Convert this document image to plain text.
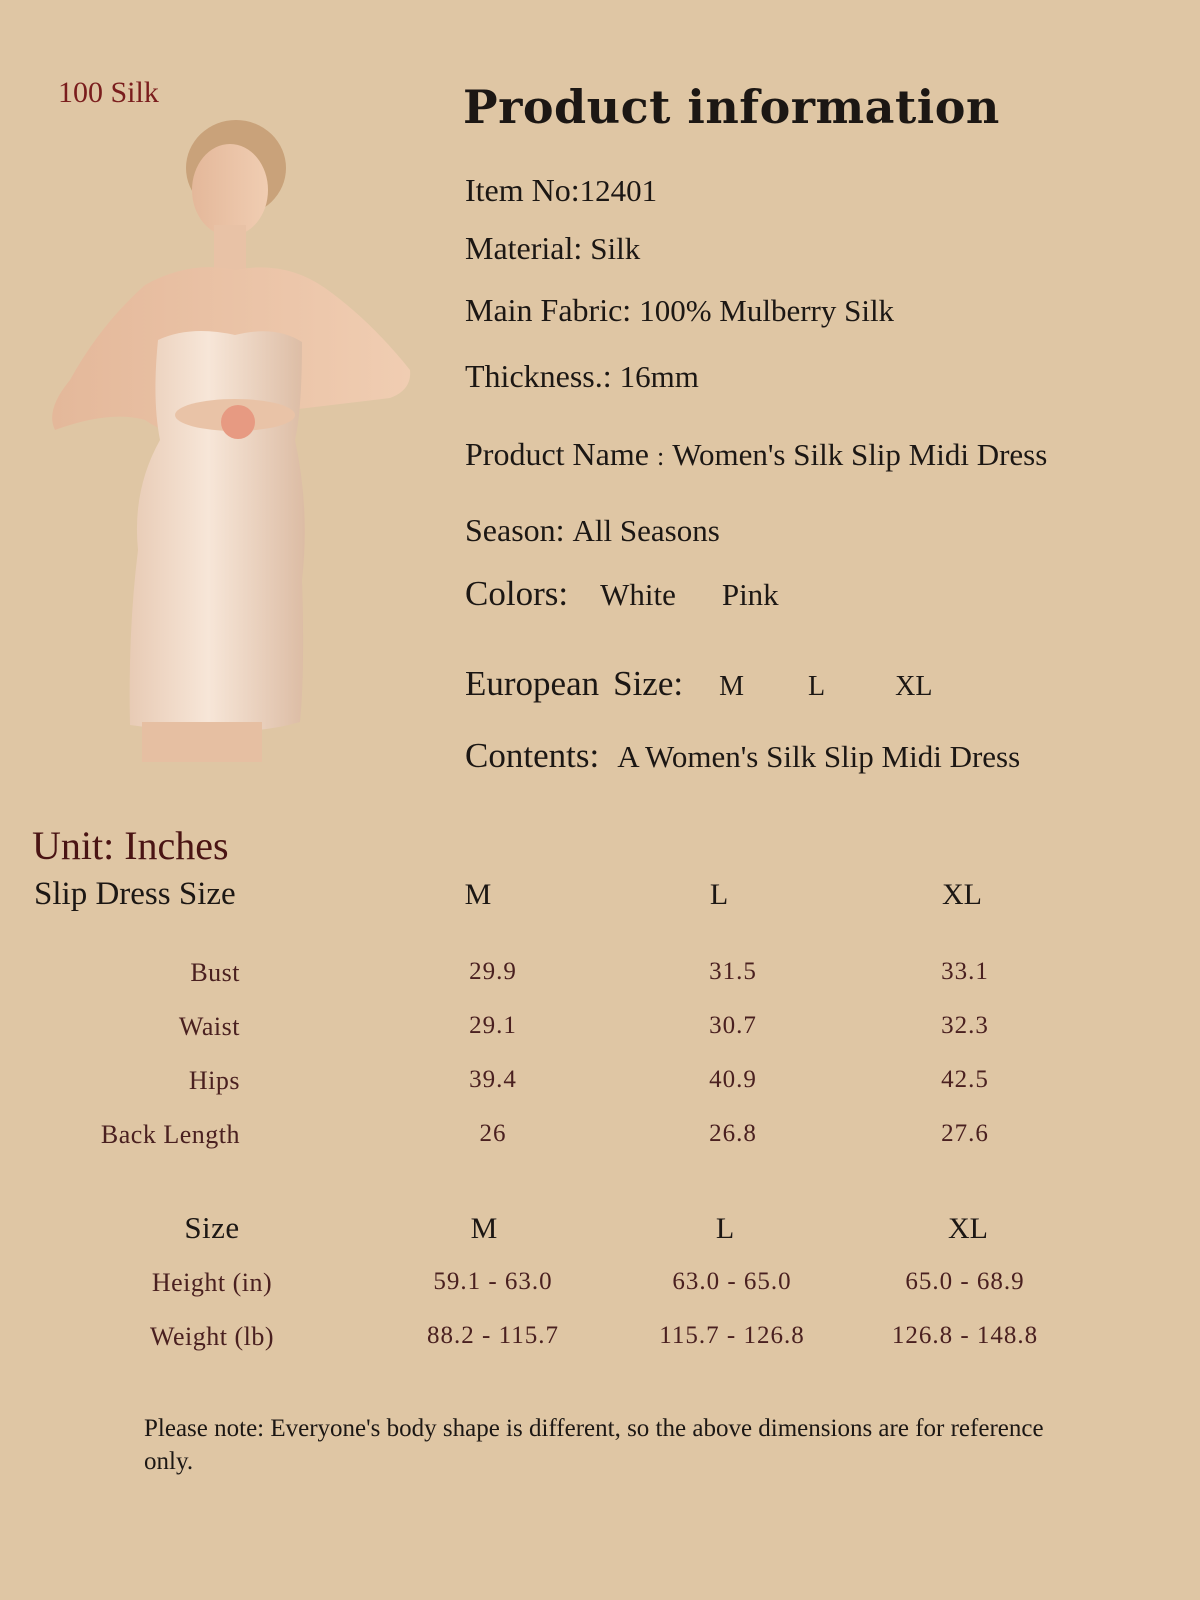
100 Silk	Product information
Item No:12401
Material: Silk
Main Fabric: 100% Mulberry Silk
Thickness.: 16mm
Product Name : Women's Silk Slip Midi Dress
Season: All Seasons
Colors: White Pink
European Size: M L	XL
Contents: A Women's Silk Slip Midi Dress
Unit: Inches
Slip Dress Size	M	L	XL
Bust	29.9	31.5	33.1
Waist	29.1	30.7	32.3
Hips	39.4	40.9	42.5
Back Length	26	26.8	27.6
Size	M	L	XL
Height (in)	59.1 - 63.0	63.0 - 65.0	65.0 - 68.9
Weight (lb)	88.2 - 115.7	115.7 - 126.8	126.8 - 148.8
Please note: Everyone's body shape is different, so the above dimensions are for reference only.
